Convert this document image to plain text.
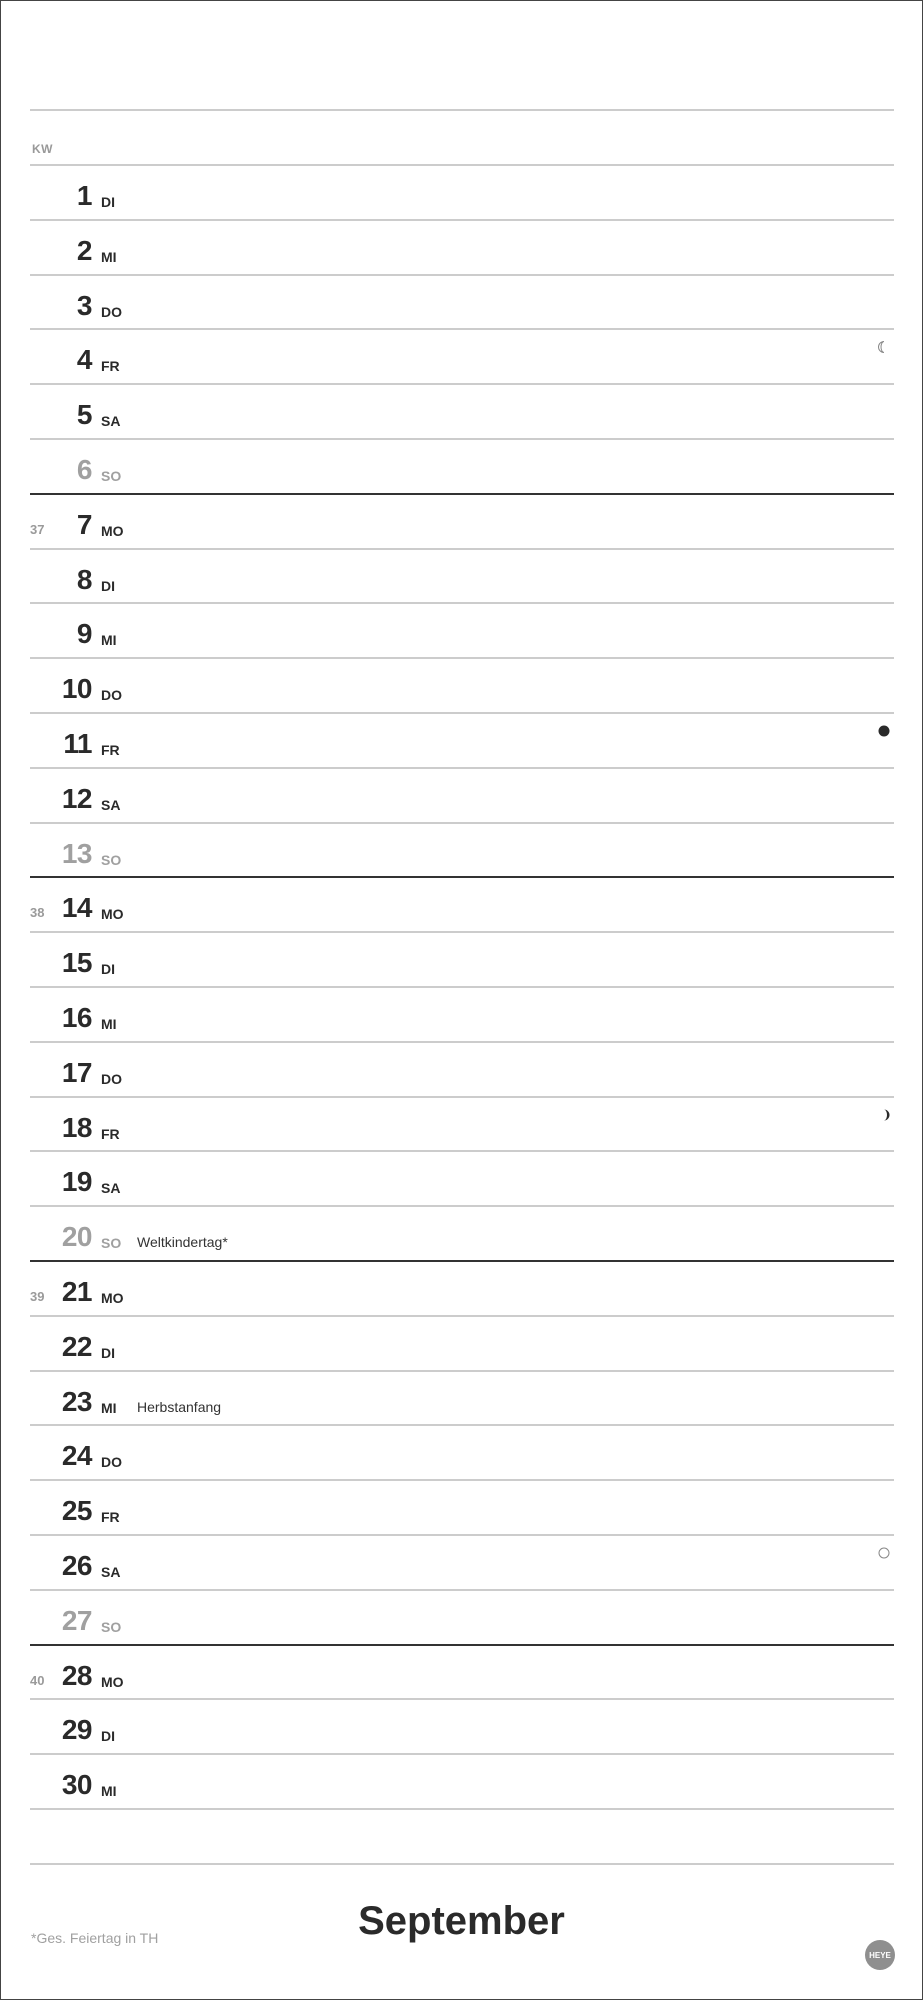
KW
1 DI
2 MI
3 DO
4 FR
5 SA
6 SO
37 7 MO
8 DI
9 MI
10 DO
11 FR
12 SA
13 SO
38 14 MO
15 DI
16 MI
17 DO
18 FR
19 SA
20 SO Weltkindertag*
39 21 MO
22 DI
23 MI Herbstanfang
24 DO
25 FR
26 SA
27 SO
40 28 MO
29 DI
30 MI
*Ges. Feiertag in TH	September
HEYE
